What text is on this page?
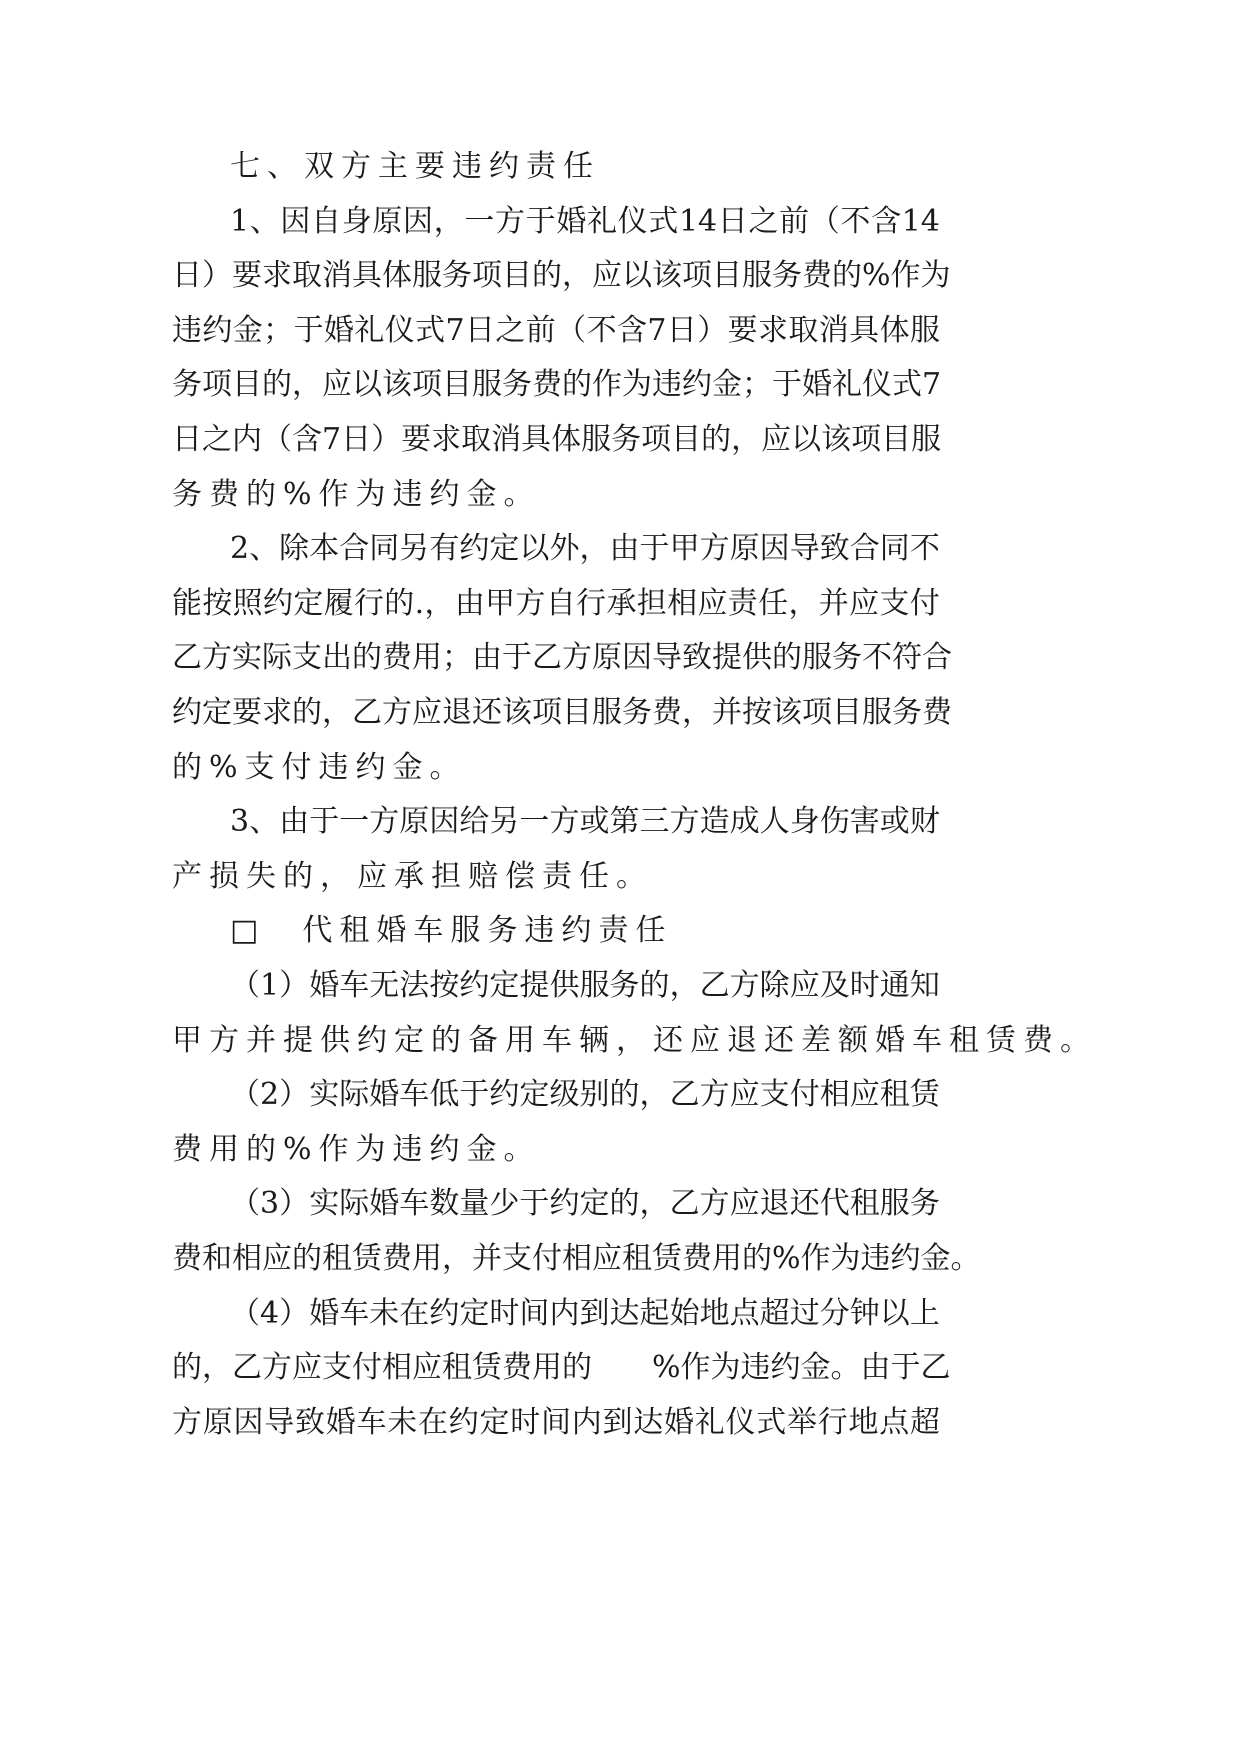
七、双方主要违约责任
1 、 因 自 身 原 因 ， 一 方 于 婚 礼 仪 式 14 日 之 前 （ 不 含 14
日 ） 要 求 取 消 具 体 服 务 项 目 的 ， 应 以 该 项 目 服 务 费 的 % 作 为
违 约 金 ； 于 婚 礼 仪 式 7 日 之 前 （ 不 含 7 日 ） 要 求 取 消 具 体 服
务 项 目 的 ， 应 以 该 项 目 服 务 费 的 作 为 违 约 金 ； 于 婚 礼 仪 式 7
日 之 内 （ 含 7 日 ） 要 求 取 消 具 体 服 务 项 目 的 ， 应 以 该 项 目 服
务费的%作为违约金。
2 、 除 本 合 同 另 有 约 定 以 外 ， 由 于 甲 方 原 因 导 致 合 同 不
能 按 照 约 定 履 行 的 . ， 由 甲 方 自 行 承 担 相 应 责 任 ， 并 应 支 付
乙 方 实 际 支 出 的 费 用 ； 由 于 乙 方 原 因 导 致 提 供 的 服 务 不 符 合
约 定 要 求 的 ， 乙 方 应 退 还 该 项 目 服 务 费 ， 并 按 该 项 目 服 务 费
的%支付违约金。
3 、 由 于 一 方 原 因 给 另 一 方 或 第 三 方 造 成 人 身 伤 害 或 财
产损失的，应承担赔偿责任。
□　代租婚车服务违约责任
（ 1 ） 婚 车 无 法 按 约 定 提 供 服 务 的 ， 乙 方 除 应 及 时 通 知
甲方并提供约定的备用车辆，还应退还差额婚车租赁费。
（ 2 ） 实 际 婚 车 低 于 约 定 级 别 的 ， 乙 方 应 支 付 相 应 租 赁
费用的%作为违约金。
（ 3 ） 实 际 婚 车 数 量 少 于 约 定 的 ， 乙 方 应 退 还 代 租 服 务
费 和 相 应 的 租 赁 费 用 ， 并 支 付 相 应 租 赁 费 用 的 % 作 为 违 约 金 。
（ 4 ） 婚 车 未 在 约 定 时 间 内 到 达 起 始 地 点 超 过 分 钟 以 上
的 ， 乙 方 应 支 付 相 应 租 赁 费 用 的

　 % 作 为 违 约 金 。 由 于 乙
方 原 因 导 致 婚 车 未 在 约 定 时 间 内 到 达 婚 礼 仪 式 举 行 地 点 超
